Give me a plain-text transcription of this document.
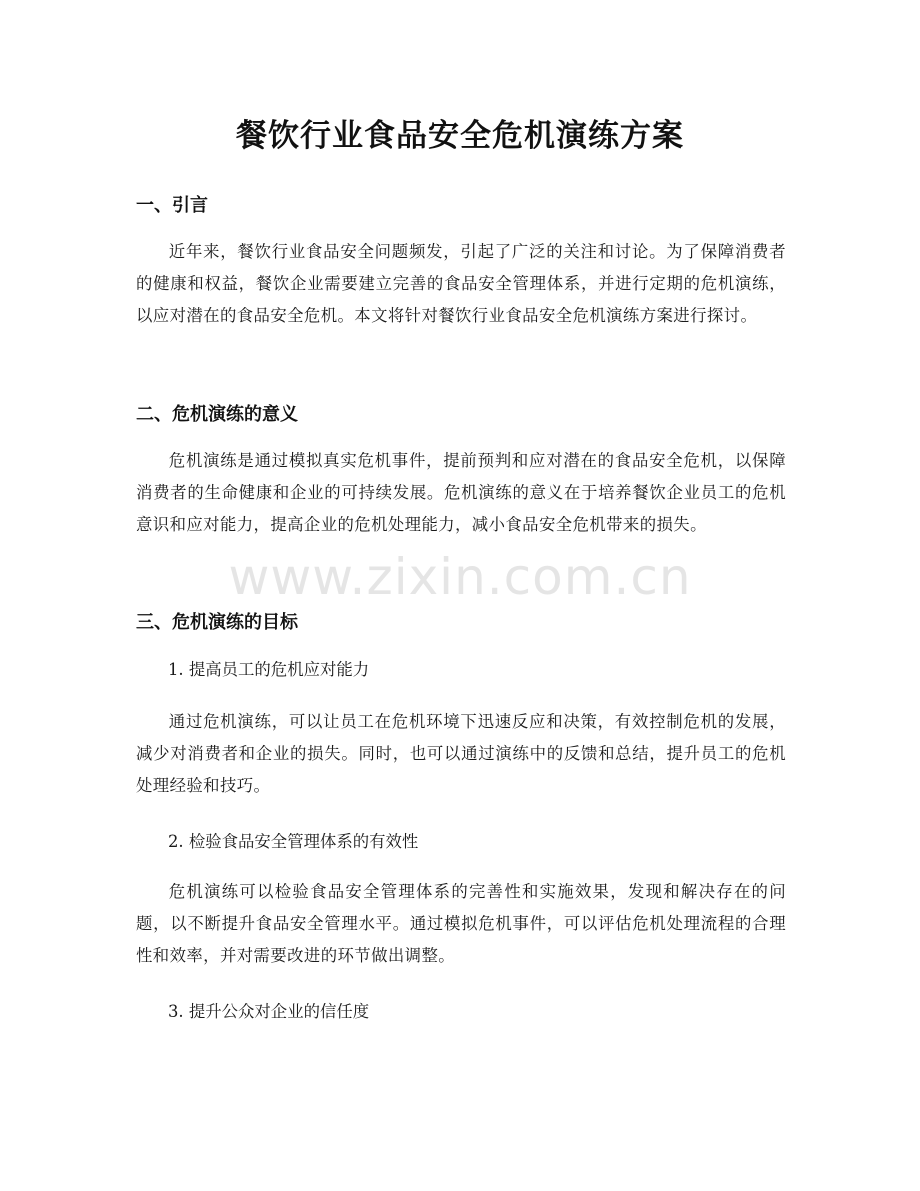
餐饮行业食品安全危机演练方案
一、引言
近年来，餐饮行业食品安全问题频发，引起了广泛的关注和讨论。为了保障消费者的健康和权益，餐饮企业需要建立完善的食品安全管理体系，并进行定期的危机演练，以应对潜在的食品安全危机。本文将针对餐饮行业食品安全危机演练方案进行探讨。
二、危机演练的意义
危机演练是通过模拟真实危机事件，提前预判和应对潜在的食品安全危机，以保障消费者的生命健康和企业的可持续发展。危机演练的意义在于培养餐饮企业员工的危机意识和应对能力，提高企业的危机处理能力，减小食品安全危机带来的损失。
三、危机演练的目标
1. 提高员工的危机应对能力
通过危机演练，可以让员工在危机环境下迅速反应和决策，有效控制危机的发展，减少对消费者和企业的损失。同时，也可以通过演练中的反馈和总结，提升员工的危机处理经验和技巧。
2. 检验食品安全管理体系的有效性
危机演练可以检验食品安全管理体系的完善性和实施效果，发现和解决存在的问题，以不断提升食品安全管理水平。通过模拟危机事件，可以评估危机处理流程的合理性和效率，并对需要改进的环节做出调整。
3. 提升公众对企业的信任度
www.zixin.com.cn
